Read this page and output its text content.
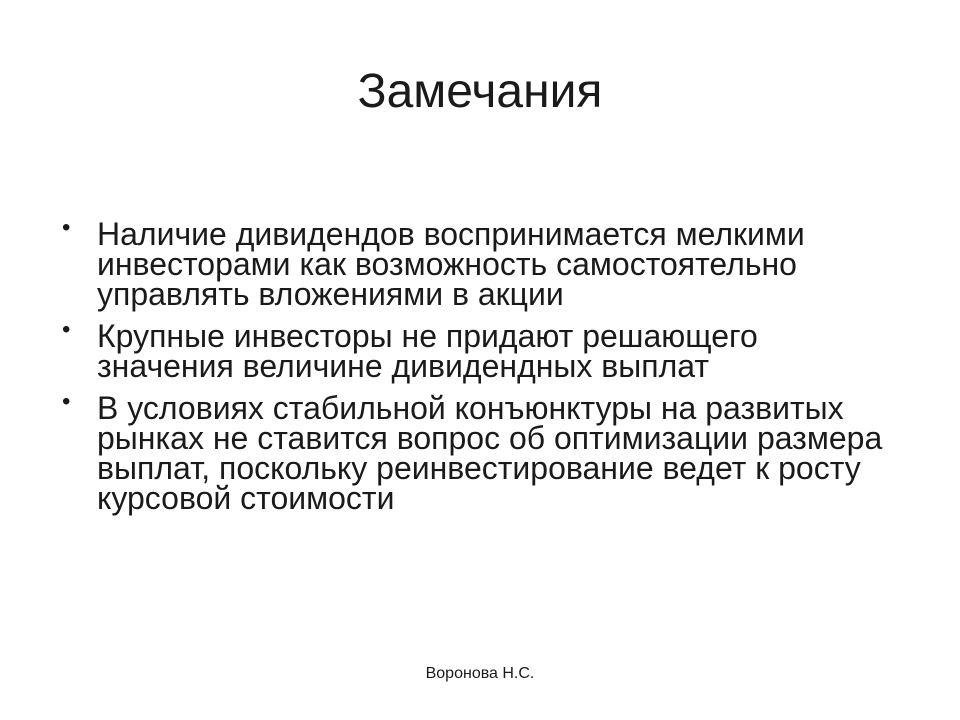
Замечания
• Наличие дивидендов воспринимается мелкими инвесторами как возможность самостоятельно управлять вложениями в акции
• Крупные инвесторы не придают решающего значения величине дивидендных выплат
• В условиях стабильной конъюнктуры на развитых рынках не ставится вопрос об оптимизации размера выплат, поскольку реинвестирование ведет к росту курсовой стоимости
Воронова Н.С.
